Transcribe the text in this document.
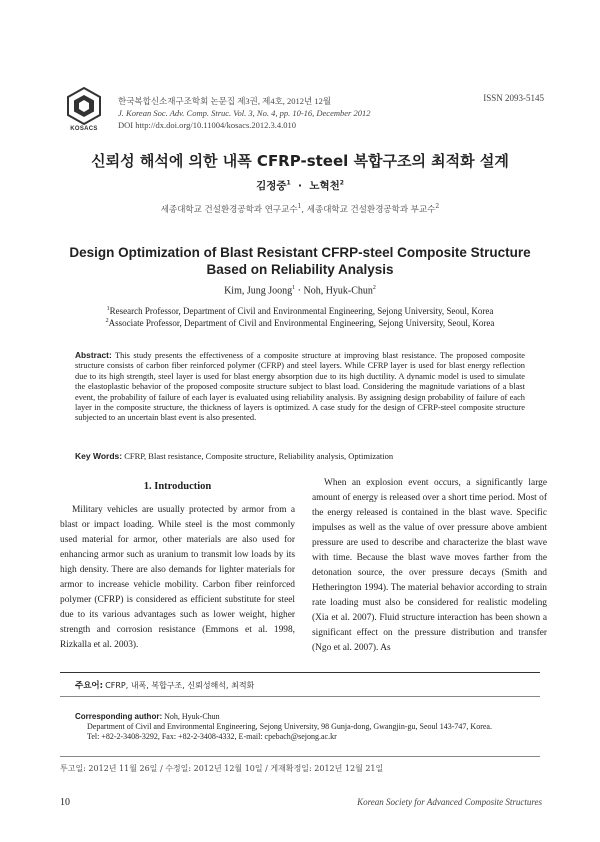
KOSACS
한국복합신소재구조학회 논문집 제3권, 제4호, 2012년 12월
J. Korean Soc. Adv. Comp. Struc. Vol. 3, No. 4, pp. 10-16, December 2012
DOI http://dx.doi.org/10.11004/kosacs.2012.3.4.010
ISSN 2093-5145
신뢰성 해석에 의한 내폭 CFRP-steel 복합구조의 최적화 설계
김정중$^1$ · 노혁천$^2$
세종대학교 건설환경공학과 연구교수$^1$, 세종대학교 건설환경공학과 부교수$^2$
Design Optimization of Blast Resistant CFRP-steel Composite Structure
Based on Reliability Analysis
Kim, Jung Joong$^1$ · Noh, Hyuk-Chun$^2$
$^1$Research Professor, Department of Civil and Environmental Engineering, Sejong University, Seoul, Korea
$^2$Associate Professor, Department of Civil and Environmental Engineering, Sejong University, Seoul, Korea
Abstract: This study presents the effectiveness of a composite structure at improving blast resistance. The proposed composite structure consists of carbon fiber reinforced polymer (CFRP) and steel layers. While CFRP layer is used for blast energy reflection due to its high strength, steel layer is used for blast energy absorption due to its high ductility. A dynamic model is used to simulate the elastoplastic behavior of the proposed composite structure subject to blast load. Considering the magnitude variations of a blast event, the probability of failure of each layer is evaluated using reliability analysis. By assigning design probability of failure of each layer in the composite structure, the thickness of layers is optimized. A case study for the design of CFRP-steel composite structure subjected to an uncertain blast event is also presented.
Key Words: CFRP, Blast resistance, Composite structure, Reliability analysis, Optimization
1. Introduction

Military vehicles are usually protected by armor from a blast or impact loading. While steel is the most commonly used material for armor, other materials are also used for enhancing armor such as uranium to transmit low loads by its high density. There are also demands for lighter materials for armor to increase vehicle mobility. Carbon fiber reinforced polymer (CFRP) is considered as efficient substitute for steel due to its various advantages such as lower weight, higher strength and corrosion resistance (Emmons et al. 1998, Rizkalla et al. 2003).

When an explosion event occurs, a significantly large amount of energy is released over a short time period. Most of the energy released is contained in the blast wave. Specific impulses as well as the value of over pressure above ambient pressure are used to describe and characterize the blast wave with time. Because the blast wave moves farther from the detonation source, the over pressure decays (Smith and Hetherington 1994). The material behavior according to strain rate loading must also be considered for realistic modeling (Xia et al. 2007). Fluid structure interaction has been shown a significant effect on the pressure distribution and transfer (Ngo et al. 2007). As

주요어: CFRP, 내폭, 복합구조, 신뢰성해석, 최적화
Corresponding author: Noh, Hyuk-Chun
Department of Civil and Environmental Engineering, Sejong University, 98 Gunja-dong, Gwangjin-gu, Seoul 143-747, Korea.
Tel: +82-2-3408-3292, Fax: +82-2-3408-4332, E-mail: cpebach@sejong.ac.kr
투고일: 2012년 11월 26일 / 수정일: 2012년 12월 10일 / 게재확정일: 2012년 12월 21일
10	Korean Society for Advanced Composite Structures
